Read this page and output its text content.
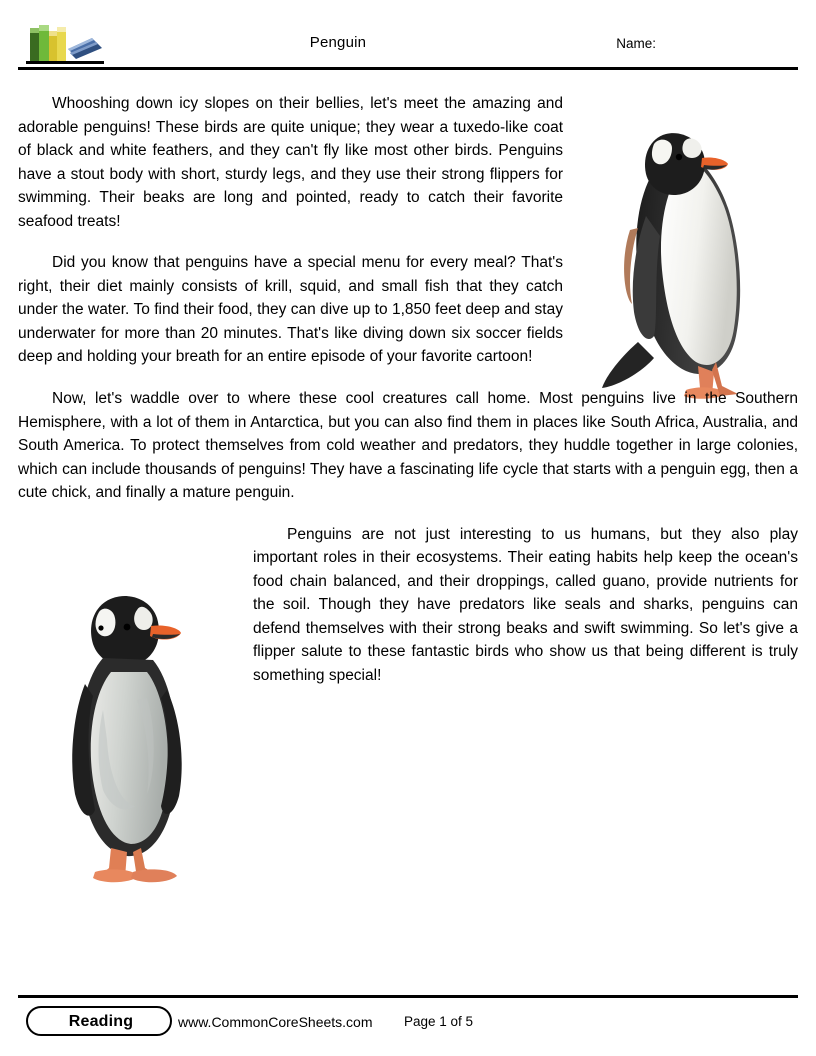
Penguin	Name:

Whooshing down icy slopes on their bellies, let's meet the amazing and adorable penguins! These birds are quite unique; they wear a tuxedo-like coat of black and white feathers, and they can't fly like most other birds. Penguins have a stout body with short, sturdy legs, and they use their strong flippers for swimming. Their beaks are long and pointed, ready to catch their favorite seafood treats!

Did you know that penguins have a special menu for every meal? That's right, their diet mainly consists of krill, squid, and small fish that they catch under the water. To find their food, they can dive up to 1,850 feet deep and stay underwater for more than 20 minutes. That's like diving down six soccer fields deep and holding your breath for an entire episode of your favorite cartoon!

Now, let's waddle over to where these cool creatures call home. Most penguins live in the Southern Hemisphere, with a lot of them in Antarctica, but you can also find them in places like South Africa, Australia, and South America. To protect themselves from cold weather and predators, they huddle together in large colonies, which can include thousands of penguins! They have a fascinating life cycle that starts with a penguin egg, then a cute chick, and finally a mature penguin.

Penguins are not just interesting to us humans, but they also play important roles in their ecosystems. Their eating habits help keep the ocean's food chain balanced, and their droppings, called guano, provide nutrients for the soil. Though they have predators like seals and sharks, penguins can defend themselves with their strong beaks and swift swimming. So let's give a flipper salute to these fantastic birds who show us that being different is truly something special!

Reading	www.CommonCoreSheets.com Page 1 of 5
